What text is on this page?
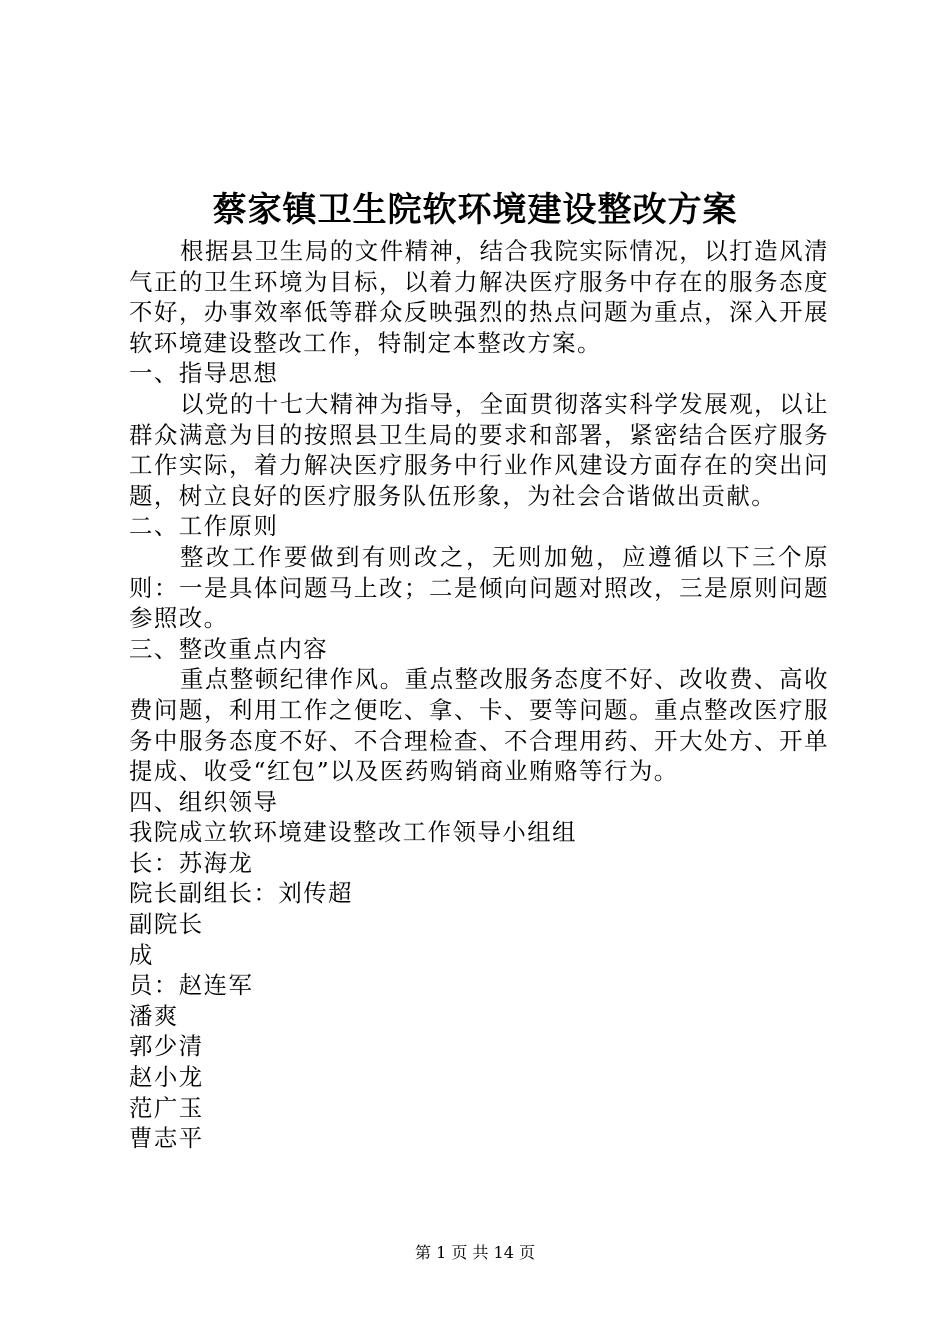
蔡家镇卫生院软环境建设整改方案

根据县卫生局的文件精神，结合我院实际情况，以打造风清气正的卫生环境为目标，以着力解决医疗服务中存在的服务态度不好，办事效率低等群众反映强烈的热点问题为重点，深入开展软环境建设整改工作，特制定本整改方案。

一、指导思想

以党的十七大精神为指导，全面贯彻落实科学发展观，以让群众满意为目的按照县卫生局的要求和部署，紧密结合医疗服务工作实际，着力解决医疗服务中行业作风建设方面存在的突出问题，树立良好的医疗服务队伍形象，为社会合谐做出贡献。

二、工作原则

整改工作要做到有则改之，无则加勉，应遵循以下三个原则：一是具体问题马上改；二是倾向问题对照改，三是原则问题参照改。

三、整改重点内容

重点整顿纪律作风。重点整改服务态度不好、改收费、高收费问题，利用工作之便吃、拿、卡、要等问题。重点整改医疗服务中服务态度不好、不合理检查、不合理用药、开大处方、开单提成、收受“红包”以及医药购销商业贿赂等行为。

四、组织领导

我院成立软环境建设整改工作领导小组组

长：苏海龙

院长副组长：刘传超

副院长

成

员：赵连军

潘爽

郭少清

赵小龙

范广玉

曹志平

第 1 页 共 14 页
